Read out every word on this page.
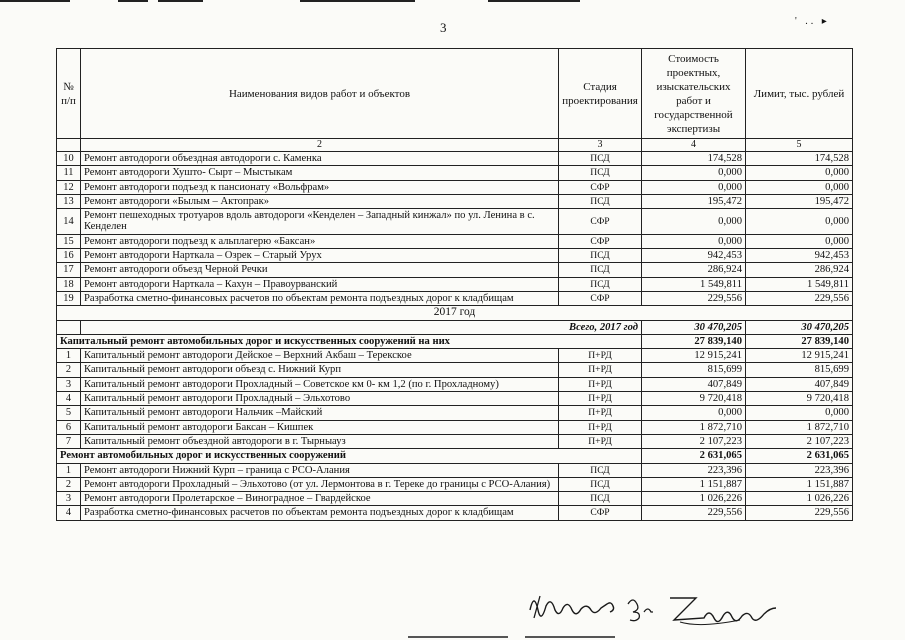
3	' .. ▸
№ п/п	Наименования видов работ и объектов	Стадия проектирования	Стоимость проектных, изыскательских работ и государственной экспертизы	Лимит, тыс. рублей
	2	3	4	5
10	Ремонт автодороги объездная автодороги с. Каменка	ПСД	174,528	174,528
11	Ремонт автодороги Хушто- Сырт – Мыстыкам	ПСД	0,000	0,000
12	Ремонт автодороги подъезд к пансионату «Вольфрам»	СФР	0,000	0,000
13	Ремонт автодороги «Былым – Актопрак»	ПСД	195,472	195,472
14	Ремонт пешеходных тротуаров вдоль автодороги «Кенделен – Западный кинжал» по ул. Ленина в с. Кенделен	СФР	0,000	0,000
15	Ремонт автодороги подъезд к альплагерю «Баксан»	СФР	0,000	0,000
16	Ремонт автодороги Нарткала – Озрек – Старый Урух	ПСД	942,453	942,453
17	Ремонт автодороги объезд Черной Речки	ПСД	286,924	286,924
18	Ремонт автодороги Нарткала – Кахун – Правоурванский	ПСД	1 549,811	1 549,811
19	Разработка сметно-финансовых расчетов по объектам ремонта подъездных дорог к кладбищам	СФР	229,556	229,556
2017 год				
	Всего, 2017 год		30 470,205	30 470,205
Капитальный ремонт автомобильных дорог и искусственных сооружений на них			27 839,140	27 839,140
1	Капитальный ремонт автодороги Дейское – Верхний Акбаш – Терекское	П+РД	12 915,241	12 915,241
2	Капитальный ремонт автодороги объезд с. Нижний Курп	П+РД	815,699	815,699
3	Капитальный ремонт автодороги Прохладный – Советское км 0- км 1,2 (по г. Прохладному)	П+РД	407,849	407,849
4	Капитальный ремонт автодороги Прохладный – Эльхотово	П+РД	9 720,418	9 720,418
5	Капитальный ремонт автодороги Нальчик –Майский	П+РД	0,000	0,000
6	Капитальный ремонт автодороги Баксан – Кишпек	П+РД	1 872,710	1 872,710
7	Капитальный ремонт объездной автодороги в г. Тырныауз	П+РД	2 107,223	2 107,223
Ремонт автомобильных дорог и искусственных сооружений			2 631,065	2 631,065
1	Ремонт автодороги Нижний Курп – граница с РСО-Алания	ПСД	223,396	223,396
2	Ремонт автодороги Прохладный – Эльхотово (от ул. Лермонтова в г. Тереке до границы с РСО-Алания)	ПСД	1 151,887	1 151,887
3	Ремонт автодороги Пролетарское – Виноградное – Гвардейское	ПСД	1 026,226	1 026,226
4	Разработка сметно-финансовых расчетов по объектам ремонта подъездных дорог к кладбищам	СФР	229,556	229,556
